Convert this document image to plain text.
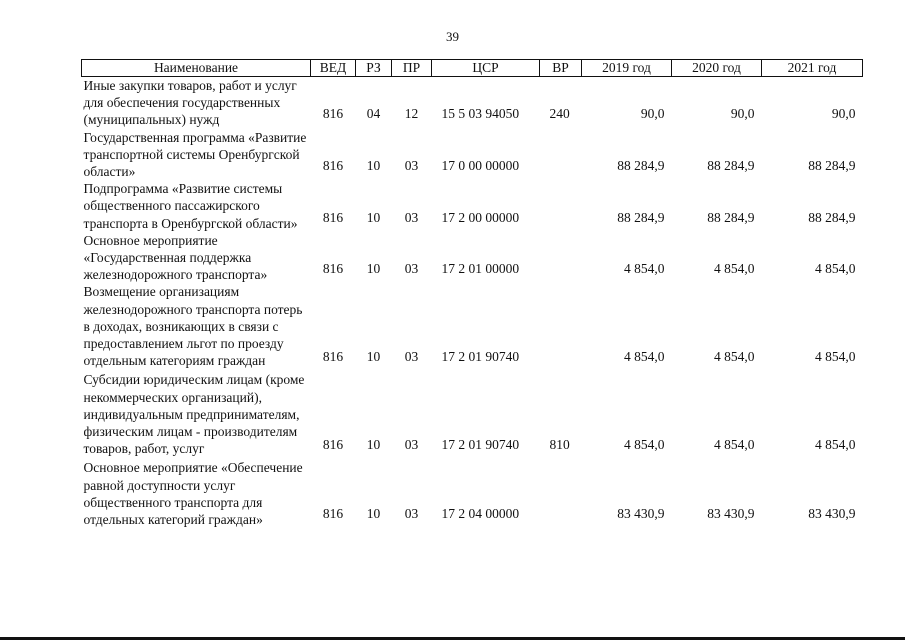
39
Наименование	ВЕД	РЗ	ПР	ЦСР	ВР	2019 год	2020 год	2021 год
Иные закупки товаров, работ и услуг для обеспечения государственных (муниципальных) нужд	816	04	12	15 5 03 94050	240	90,0	90,0	90,0
Государственная программа «Развитие транспортной системы Оренбургской области»	816	10	03	17 0 00 00000		88 284,9	88 284,9	88 284,9
Подпрограмма «Развитие системы общественного пассажирского транспорта в Оренбургской области»	816	10	03	17 2 00 00000		88 284,9	88 284,9	88 284,9
Основное мероприятие «Государственная поддержка железнодорожного транспорта»	816	10	03	17 2 01 00000		4 854,0	4 854,0	4 854,0
Возмещение организациям железнодорожного транспорта потерь в доходах, возникающих в связи с предоставлением льгот по проезду отдельным категориям граждан	816	10	03	17 2 01 90740		4 854,0	4 854,0	4 854,0
Субсидии юридическим лицам (кроме некоммерческих организаций), индивидуальным предпринимателям, физическим лицам - производителям товаров, работ, услуг	816	10	03	17 2 01 90740	810	4 854,0	4 854,0	4 854,0
Основное мероприятие «Обеспечение равной доступности услуг общественного транспорта для отдельных категорий граждан»	816	10	03	17 2 04 00000		83 430,9	83 430,9	83 430,9
